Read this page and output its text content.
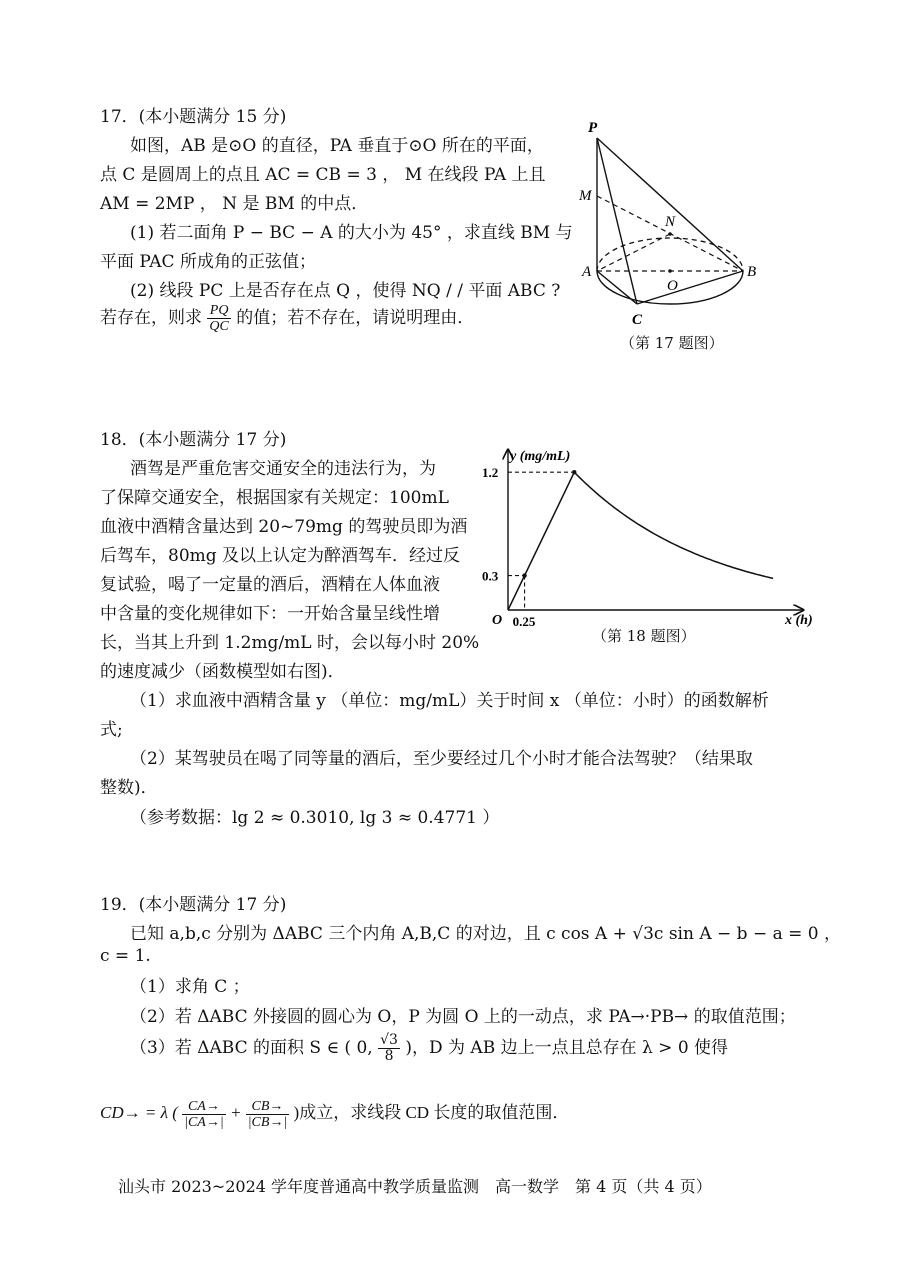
17．(本小题满分 15 分)
如图，AB 是⊙O 的直径，PA 垂直于⊙O 所在的平面，
点 C 是圆周上的点且 AC = CB = 3 ， M 在线段 PA 上且
AM = 2MP ， N 是 BM 的中点．
(1) 若二面角 P − BC − A 的大小为 45° ，求直线 BM 与
平面 PAC 所成角的正弦值；
(2) 线段 PC 上是否存在点 Q ，使得 NQ / / 平面 ABC ?
若存在，则求 $\frac{PQ}{QC}$ 的值；若不存在，请说明理由．
P
M
N
A
O
B
C
（第 17 题图）
18．(本小题满分 17 分)
酒驾是严重危害交通安全的违法行为，为
了保障交通安全，根据国家有关规定：100mL
血液中酒精含量达到 20~79mg 的驾驶员即为酒
后驾车，80mg 及以上认定为醉酒驾车．经过反
复试验，喝了一定量的酒后，酒精在人体血液
中含量的变化规律如下：一开始含量呈线性增
长，当其上升到 1.2mg/mL 时，会以每小时 20%
的速度减少（函数模型如右图)．
（1）求血液中酒精含量 y （单位：mg/mL）关于时间 x （单位：小时）的函数解析
式;
（2）某驾驶员在喝了同等量的酒后，至少要经过几个小时才能合法驾驶？（结果取
整数)．
（参考数据：lg 2 ≈ 0.3010, lg 3 ≈ 0.4771 ）
y (mg/mL)
x (h)
O
0.3
1.2
0.25
（第 18 题图）
19．(本小题满分 17 分)
已知 a,b,c 分别为 ΔABC 三个内角 A,B,C 的对边，且 c cos A + √3c sin A − b − a = 0 ，
c = 1.
（1）求角 C ；
（2）若 ΔABC 外接圆的圆心为 O，P 为圆 O 上的一动点，求 PA→·PB→ 的取值范围；
（3）若 ΔABC 的面积 S ∈ ( 0, $\frac{√3}{8}$ )，D 为 AB 边上一点且总存在 λ > 0 使得
CD→ = λ ( $\frac{CA\to}{|CA\to|} + \frac{CB\to}{|CB\to|}$ )成立，求线段 CD 长度的取值范围．
汕头市 2023~2024 学年度普通高中教学质量监测　高一数学　第 4 页（共 4 页）
